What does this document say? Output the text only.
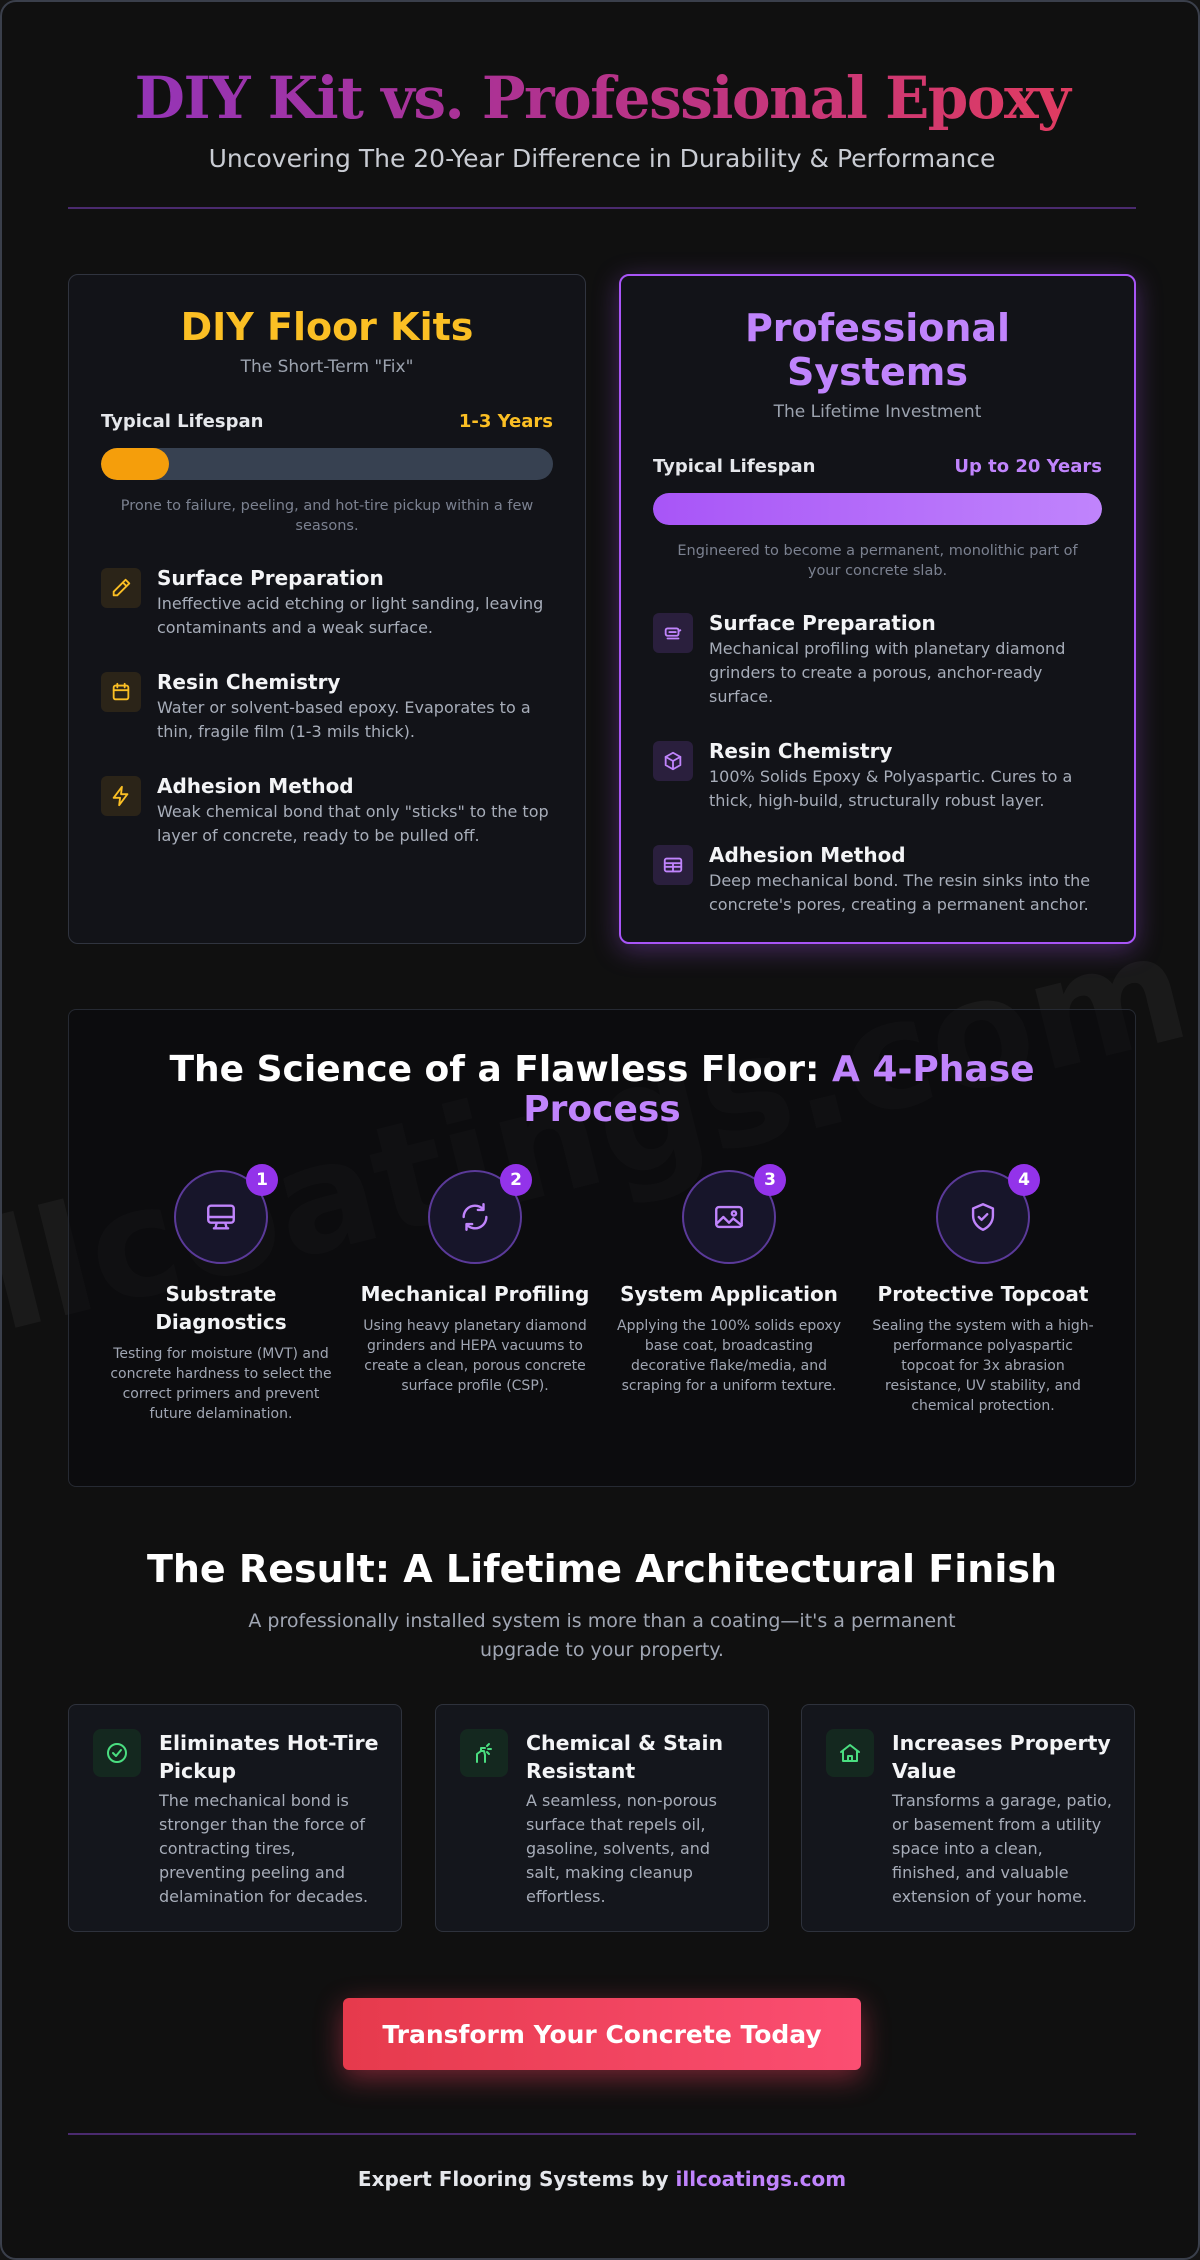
DIY Kit vs. Professional Epoxy
Uncovering The 20-Year Difference in Durability & Performance
DIY Floor Kits
The Short-Term "Fix"
Typical Lifespan	1-3 Years
Prone to failure, peeling, and hot-tire pickup within a few seasons.
Surface Preparation
Ineffective acid etching or light sanding, leaving contaminants and a weak surface.
Resin Chemistry
Water or solvent-based epoxy. Evaporates to a thin, fragile film (1-3 mils thick).
Adhesion Method
Weak chemical bond that only "sticks" to the top layer of concrete, ready to be pulled off.
Professional Systems
The Lifetime Investment
Typical Lifespan	Up to 20 Years
Engineered to become a permanent, monolithic part of your concrete slab.
Surface Preparation
Mechanical profiling with planetary diamond grinders to create a porous, anchor-ready surface.
Resin Chemistry
100% Solids Epoxy & Polyaspartic. Cures to a thick, high-build, structurally robust layer.
Adhesion Method
Deep mechanical bond. The resin sinks into the concrete's pores, creating a permanent anchor.
The Science of a Flawless Floor: A 4-Phase Process
1
Substrate Diagnostics
Testing for moisture (MVT) and concrete hardness to select the correct primers and prevent future delamination.
2
Mechanical Profiling
Using heavy planetary diamond grinders and HEPA vacuums to create a clean, porous concrete surface profile (CSP).
3
System Application
Applying the 100% solids epoxy base coat, broadcasting decorative flake/media, and scraping for a uniform texture.
4
Protective Topcoat
Sealing the system with a high-performance polyaspartic topcoat for 3x abrasion resistance, UV stability, and chemical protection.
The Result: A Lifetime Architectural Finish
A professionally installed system is more than a coating—it's a permanent upgrade to your property.
Eliminates Hot-Tire Pickup
The mechanical bond is stronger than the force of contracting tires, preventing peeling and delamination for decades.
Chemical & Stain Resistant
A seamless, non-porous surface that repels oil, gasoline, solvents, and salt, making cleanup effortless.
Increases Property Value
Transforms a garage, patio, or basement from a utility space into a clean, finished, and valuable extension of your home.
Transform Your Concrete Today
Expert Flooring Systems by illcoatings.com
